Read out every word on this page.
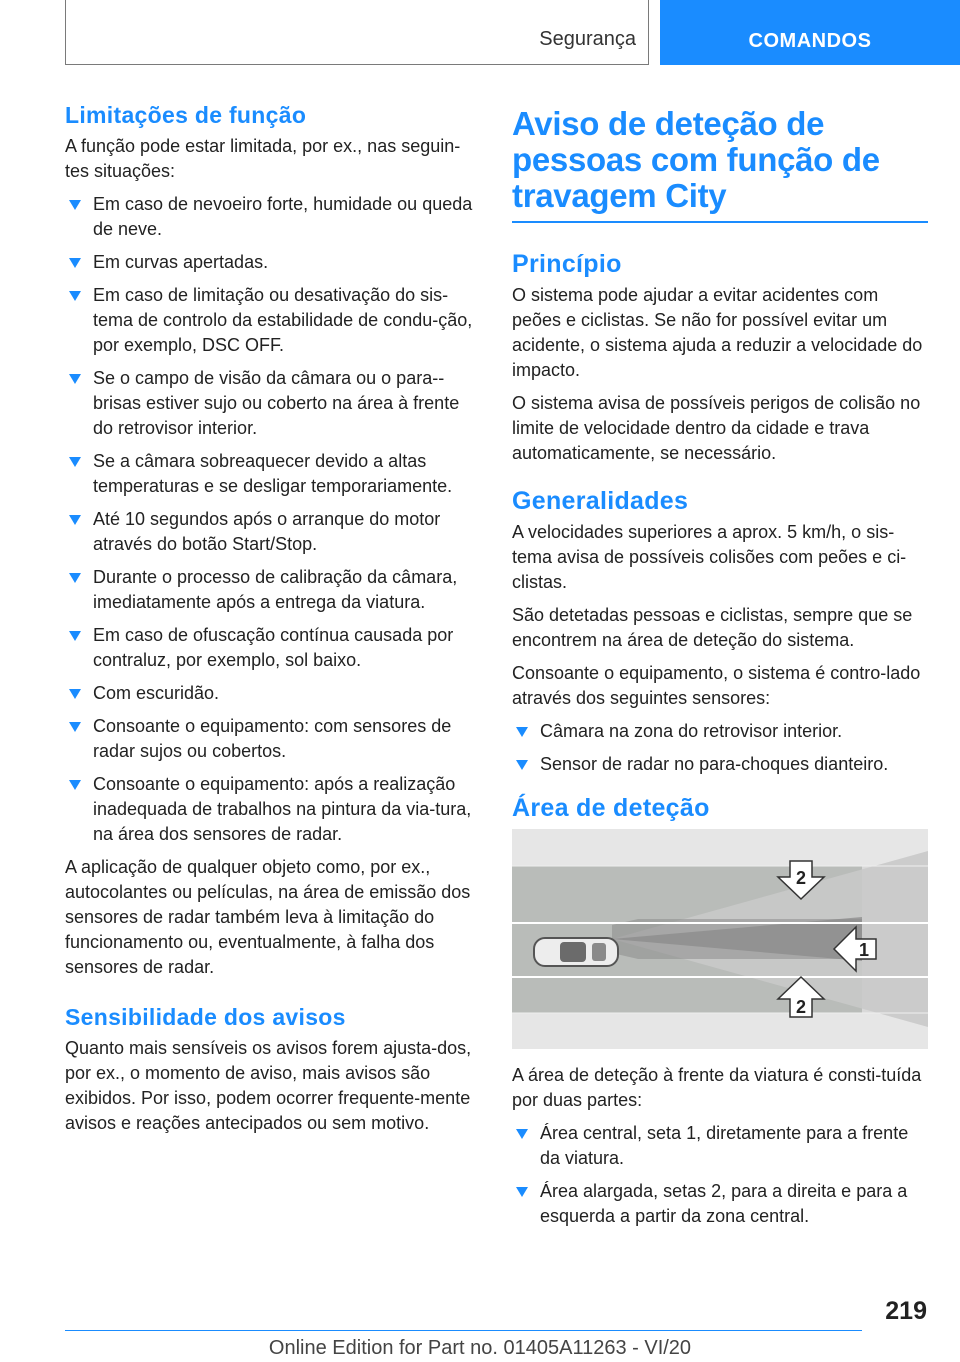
Segurança	COMANDOS
Limitações de função

A função pode estar limitada, por ex., nas seguin-tes situações:

Em caso de nevoeiro forte, humidade ou queda de neve.
Em curvas apertadas.
Em caso de limitação ou desativação do sis-tema de controlo da estabilidade de condu-ção, por exemplo, DSC OFF.
Se o campo de visão da câmara ou o para--brisas estiver sujo ou coberto na área à frente do retrovisor interior.
Se a câmara sobreaquecer devido a altas temperaturas e se desligar temporariamente.
Até 10 segundos após o arranque do motor através do botão Start/Stop.
Durante o processo de calibração da câmara, imediatamente após a entrega da viatura.
Em caso de ofuscação contínua causada por contraluz, por exemplo, sol baixo.
Com escuridão.
Consoante o equipamento: com sensores de radar sujos ou cobertos.
Consoante o equipamento: após a realização inadequada de trabalhos na pintura da via-tura, na área dos sensores de radar.

A aplicação de qualquer objeto como, por ex., autocolantes ou películas, na área de emissão dos sensores de radar também leva à limitação do funcionamento ou, eventualmente, à falha dos sensores de radar.

Sensibilidade dos avisos

Quanto mais sensíveis os avisos forem ajusta-dos, por ex., o momento de aviso, mais avisos são exibidos. Por isso, podem ocorrer frequente-mente avisos e reações antecipados ou sem motivo.

Aviso de deteção de pessoas com função de travagem City
Princípio

O sistema pode ajudar a evitar acidentes com peões e ciclistas. Se não for possível evitar um acidente, o sistema ajuda a reduzir a velocidade do impacto.

O sistema avisa de possíveis perigos de colisão no limite de velocidade dentro da cidade e trava automaticamente, se necessário.

Generalidades

A velocidades superiores a aprox. 5 km/h, o sis-tema avisa de possíveis colisões com peões e ci-clistas.

São detetadas pessoas e ciclistas, sempre que se encontrem na área de deteção do sistema.

Consoante o equipamento, o sistema é contro-lado através dos seguintes sensores:

Câmara na zona do retrovisor interior.
Sensor de radar no para-choques dianteiro.
Área de deteção
2
1
2

A área de deteção à frente da viatura é consti-tuída por duas partes:

Área central, seta 1, diretamente para a frente da viatura.
Área alargada, setas 2, para a direita e para a esquerda a partir da zona central.
219
Online Edition for Part no. 01405A11263 - VI/20
